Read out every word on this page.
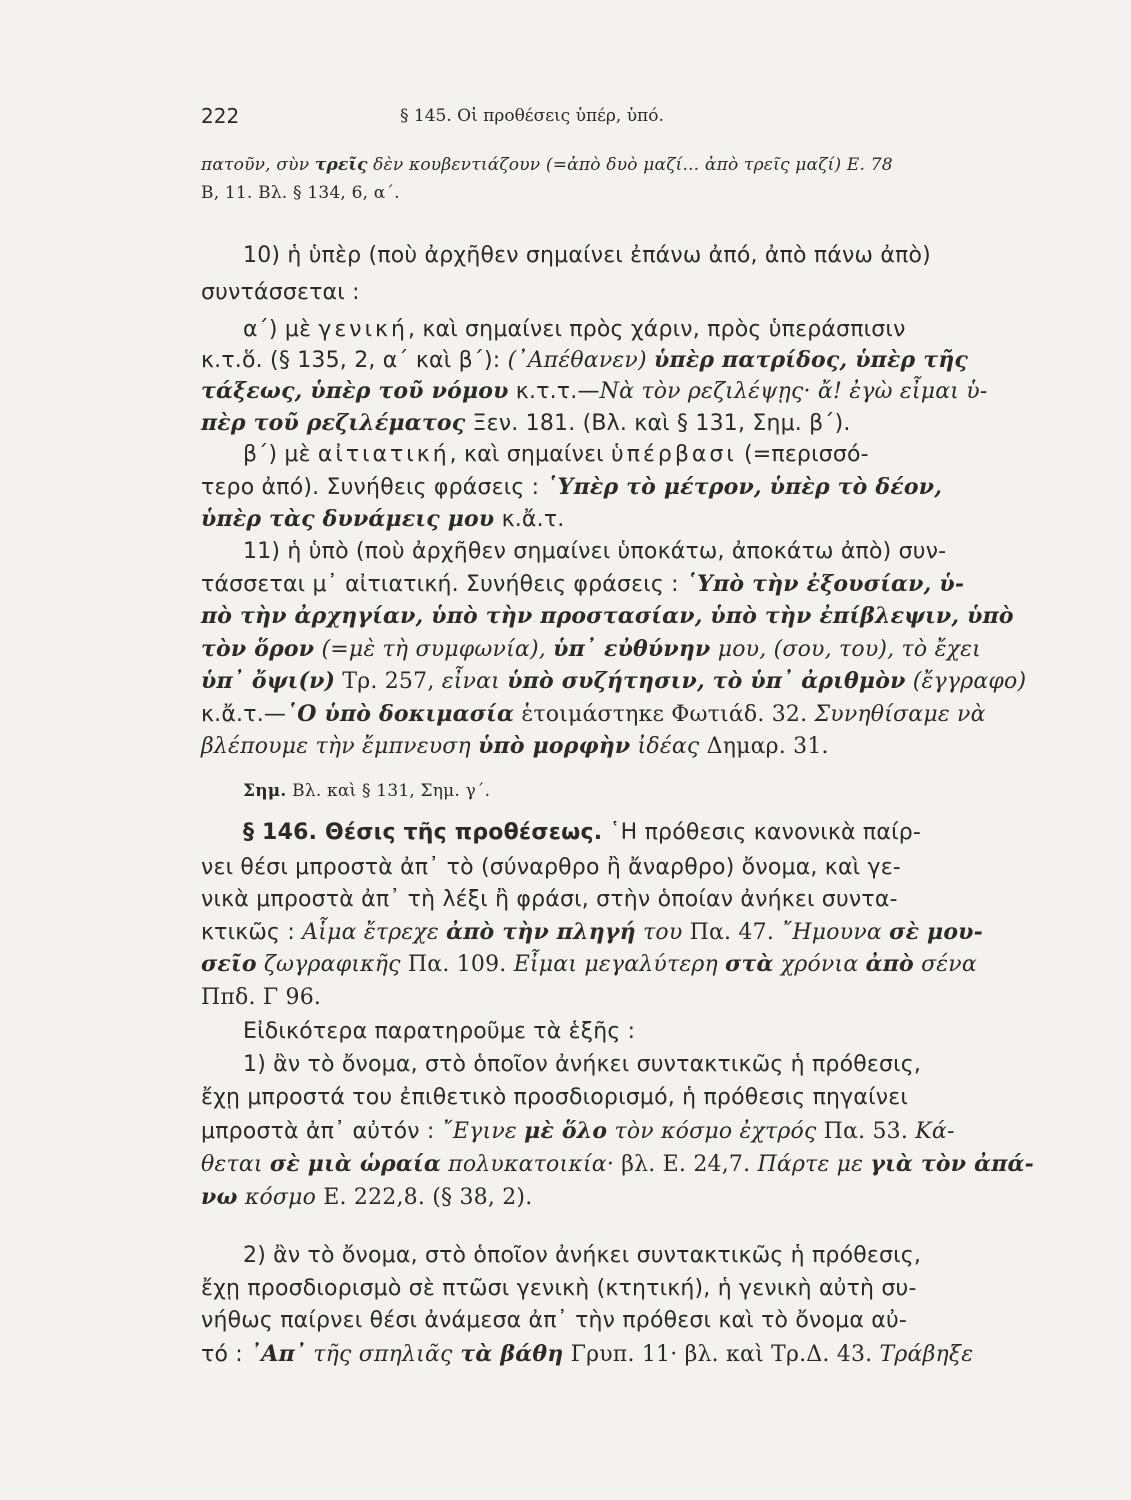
222	§ 145. Οἱ προθέσεις ὑπέρ, ὑπό.
πατοῦν, σὺν τρεῖς δὲν κουβεντιάζουν (=ἀπὸ δυὸ μαζί... ἀπὸ τρεῖς μαζί) Ε. 78
Β, 11. Βλ. § 134, 6, α΄.
10) ἡ ὑπὲρ (ποὺ ἀρχῆθεν σημαίνει ἐπάνω ἀπό, ἀπὸ πάνω ἀπὸ)
συντάσσεται :
α΄) μὲ γενική, καὶ σημαίνει πρὸς χάριν, πρὸς ὑπεράσπισιν
κ.τ.ὅ. (§ 135, 2, α΄ καὶ β΄): (᾿Απέθανεν) ὑπὲρ πατρίδος, ὑπὲρ τῆς
τάξεως, ὑπὲρ τοῦ νόμου κ.τ.τ.—Νὰ τὸν ρεζιλέψῃς· ἄ! ἐγὼ εἶμαι ὑ-
πὲρ τοῦ ρεζιλέματος Ξεν. 181. (Βλ. καὶ § 131, Σημ. β΄).
β΄) μὲ αἰτιατική, καὶ σημαίνει ὑπέρβασι (=περισσό-
τερο ἀπό). Συνήθεις φράσεις : ῾Υπὲρ τὸ μέτρον, ὑπὲρ τὸ δέον,
ὑπὲρ τὰς δυνάμεις μου κ.ἄ.τ.
11) ἡ ὑπὸ (ποὺ ἀρχῆθεν σημαίνει ὑποκάτω, ἀποκάτω ἀπὸ) συν-
τάσσεται μ᾿ αἰτιατική. Συνήθεις φράσεις : ῾Υπὸ τὴν ἐξουσίαν, ὑ-
πὸ τὴν ἀρχηγίαν, ὑπὸ τὴν προστασίαν, ὑπὸ τὴν ἐπίβλεψιν, ὑπὸ
τὸν ὅρον (=μὲ τὴ συμφωνία), ὑπ᾿ εὐθύνην μου, (σου, του), τὸ ἔχει
ὑπ᾿ ὄψι(ν) Τρ. 257, εἶναι ὑπὸ συζήτησιν, τὸ ὑπ᾿ ἀριθμὸν (ἔγγραφο)
κ.ἄ.τ.—῾Ο ὑπὸ δοκιμασία ἑτοιμάστηκε Φωτιάδ. 32. Συνηθίσαμε νὰ
βλέπουμε τὴν ἔμπνευση ὑπὸ μορφὴν ἰδέας Δημαρ. 31.
Σημ. Βλ. καὶ § 131, Σημ. γ΄.
§ 146. Θέσις τῆς προθέσεως. ῾Η πρόθεσις κανονικὰ παίρ-
νει θέσι μπροστὰ ἀπ᾿ τὸ (σύναρθρο ἢ ἄναρθρο) ὄνομα, καὶ γε-
νικὰ μπροστὰ ἀπ᾿ τὴ λέξι ἢ φράσι, στὴν ὁποίαν ἀνήκει συντα-
κτικῶς : Αἷμα ἔτρεχε ἀπὸ τὴν πληγή του Πα. 47. ῎Ημουνα σὲ μου-
σεῖο ζωγραφικῆς Πα. 109. Εἶμαι μεγαλύτερη στὰ χρόνια ἀπὸ σένα
Ππδ. Γ 96.
Εἰδικότερα παρατηροῦμε τὰ ἑξῆς :
1) ἂν τὸ ὄνομα, στὸ ὁποῖον ἀνήκει συντακτικῶς ἡ πρόθεσις,
ἔχῃ μπροστά του ἐπιθετικὸ προσδιορισμό, ἡ πρόθεσις πηγαίνει
μπροστὰ ἀπ᾿ αὐτόν : ῎Εγινε μὲ ὅλο τὸν κόσμο ἐχτρός Πα. 53. Κά-
θεται σὲ μιὰ ὡραία πολυκατοικία· βλ. Ε. 24,7. Πάρτε με γιὰ τὸν ἀπά-
νω κόσμο Ε. 222,8. (§ 38, 2).
2) ἂν τὸ ὄνομα, στὸ ὁποῖον ἀνήκει συντακτικῶς ἡ πρόθεσις,
ἔχῃ προσδιορισμὸ σὲ πτῶσι γενικὴ (κτητική), ἡ γενικὴ αὐτὴ συ-
νήθως παίρνει θέσι ἀνάμεσα ἀπ᾿ τὴν πρόθεσι καὶ τὸ ὄνομα αὐ-
τό : ᾿Απ᾿ τῆς σπηλιᾶς τὰ βάθη Γρυπ. 11· βλ. καὶ Τρ.Δ. 43. Τράβηξε
